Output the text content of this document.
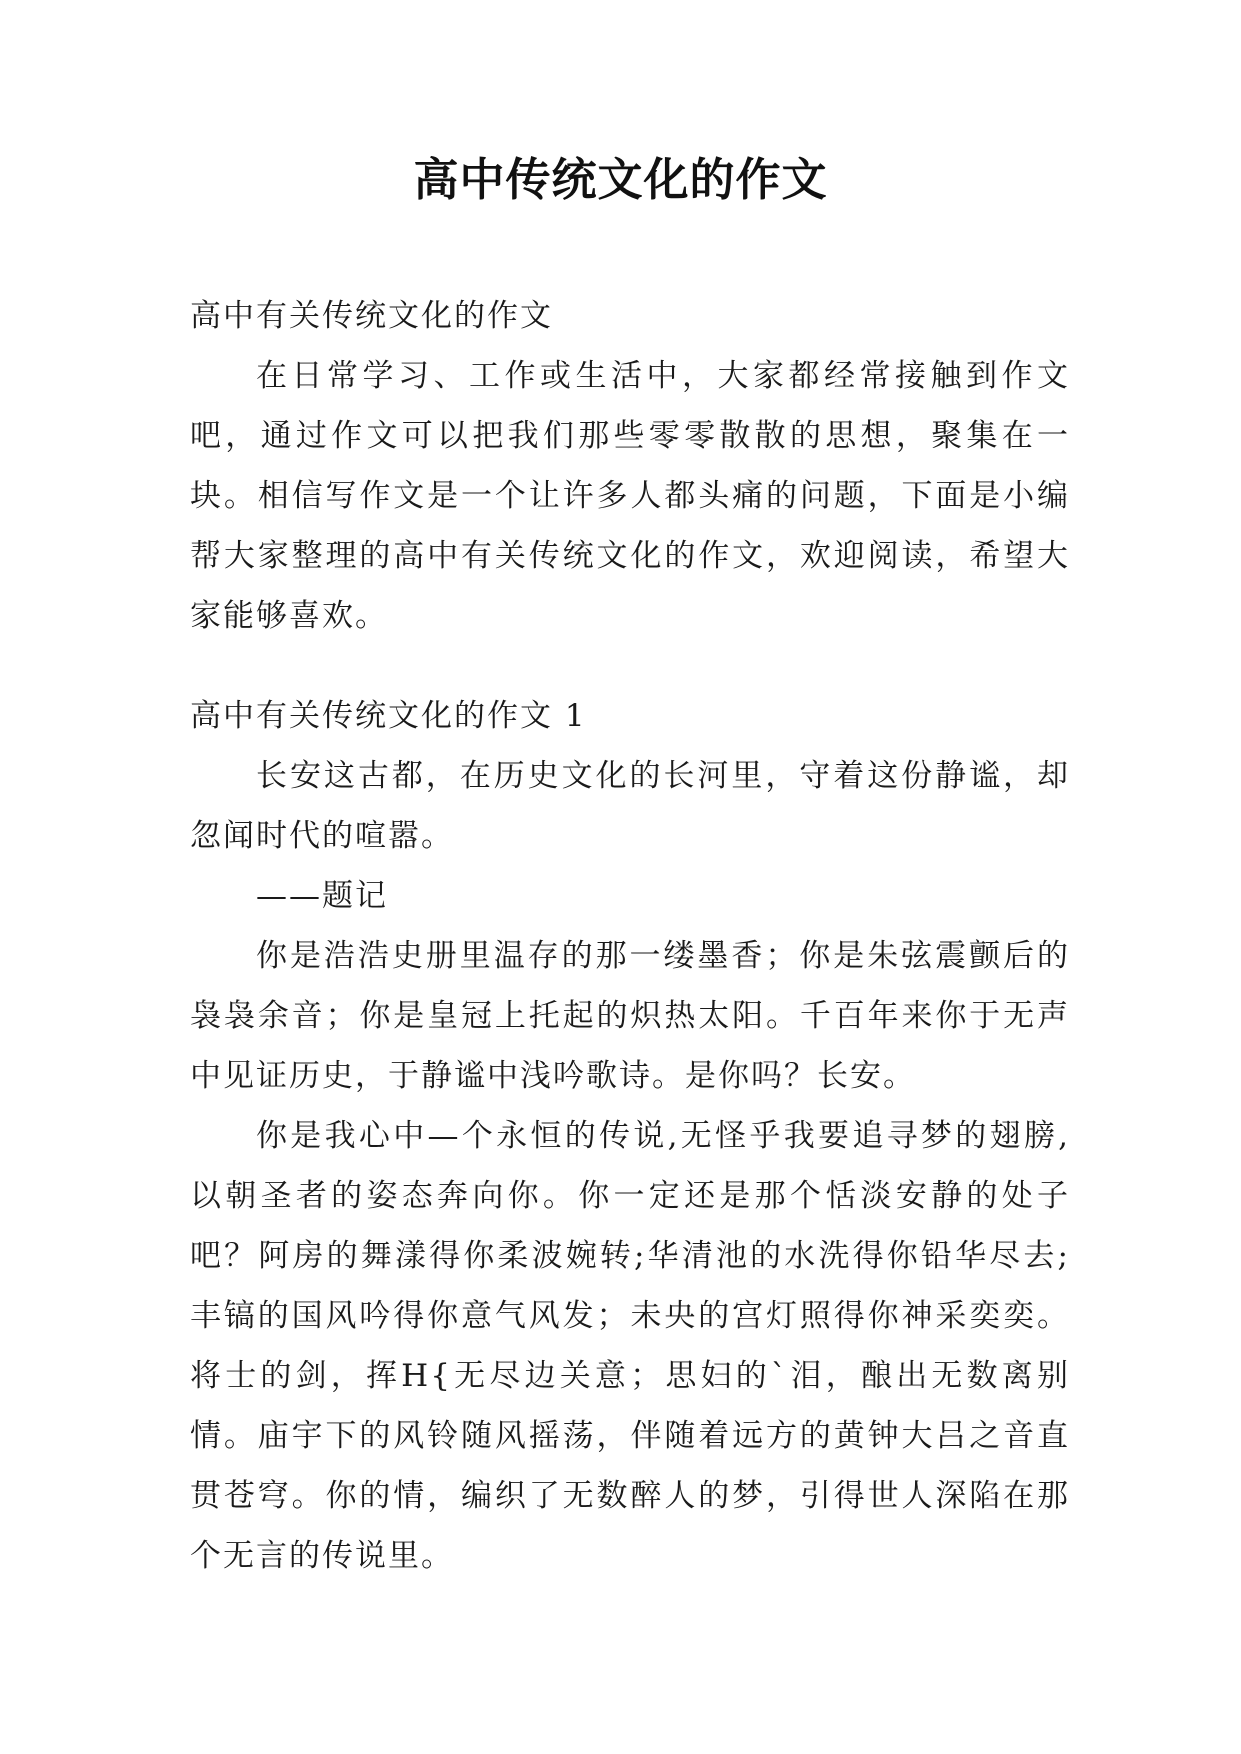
高中传统文化的作文

高中有关传统文化的作文

在日常学习、工作或生活中，大家都经常接触到作文吧，通过作文可以把我们那些零零散散的思想，聚集在一块。相信写作文是一个让许多人都头痛的问题，下面是小编帮大家整理的高中有关传统文化的作文，欢迎阅读，希望大家能够喜欢。

高中有关传统文化的作文 1

长安这古都，在历史文化的长河里，守着这份静谧，却忽闻时代的喧嚣。

——题记

你是浩浩史册里温存的那一缕墨香；你是朱弦震颤后的袅袅余音；你是皇冠上托起的炽热太阳。千百年来你于无声中见证历史，于静谧中浅吟歌诗。是你吗？长安。

你是我心中—个永恒的传说,无怪乎我要追寻梦的翅膀,以朝圣者的姿态奔向你。你一定还是那个恬淡安静的处子吧？阿房的舞漾得你柔波婉转;华清池的水洗得你铅华尽去;丰镐的国风吟得你意气风发；未央的宫灯照得你神采奕奕。将士的剑，挥H{无尽边关意；思妇的`泪，酿出无数离别情。庙宇下的风铃随风摇荡，伴随着远方的黄钟大吕之音直贯苍穹。你的情，编织了无数醉人的梦，引得世人深陷在那个无言的传说里。
